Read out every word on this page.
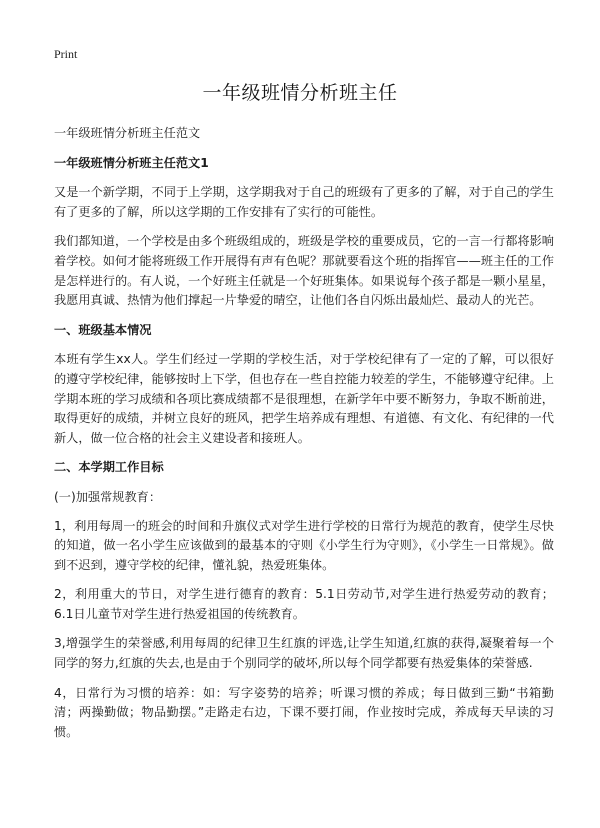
Print
一年级班情分析班主任

一年级班情分析班主任范文

一年级班情分析班主任范文1

又是一个新学期，不同于上学期，这学期我对于自己的班级有了更多的了解，对于自己的学生有了更多的了解，所以这学期的工作安排有了实行的可能性。

我们都知道，一个学校是由多个班级组成的，班级是学校的重要成员，它的一言一行都将影响着学校。如何才能将班级工作开展得有声有色呢？那就要看这个班的指挥官——班主任的工作是怎样进行的。有人说，一个好班主任就是一个好班集体。如果说每个孩子都是一颗小星星，我愿用真诚、热情为他们撑起一片挚爱的晴空，让他们各自闪烁出最灿烂、最动人的光芒。

一、班级基本情况

本班有学生xx人。学生们经过一学期的学校生活，对于学校纪律有了一定的了解，可以很好的遵守学校纪律，能够按时上下学，但也存在一些自控能力较差的学生，不能够遵守纪律。上学期本班的学习成绩和各项比赛成绩都不是很理想，在新学年中要不断努力，争取不断前进，取得更好的成绩，并树立良好的班风，把学生培养成有理想、有道德、有文化、有纪律的一代新人，做一位合格的社会主义建设者和接班人。

二、本学期工作目标

(一)加强常规教育：

1，利用每周一的班会的时间和升旗仪式对学生进行学校的日常行为规范的教育，使学生尽快的知道，做一名小学生应该做到的最基本的守则《小学生行为守则》，《小学生一日常规》。做到不迟到，遵守学校的纪律，懂礼貌，热爱班集体。

2，利用重大的节日，对学生进行德育的教育：5.1日劳动节,对学生进行热爱劳动的教育；6.1日儿童节对学生进行热爱祖国的传统教育。

3,增强学生的荣誉感,利用每周的纪律卫生红旗的评选,让学生知道,红旗的获得,凝聚着每一个同学的努力,红旗的失去,也是由于个别同学的破坏,所以每个同学都要有热爱集体的荣誉感.

4，日常行为习惯的培养：如：写字姿势的培养；听课习惯的养成；每日做到三勤“书箱勤清；两操勤做；物品勤摆。”走路走右边，下课不要打闹，作业按时完成，养成每天早读的习惯。
